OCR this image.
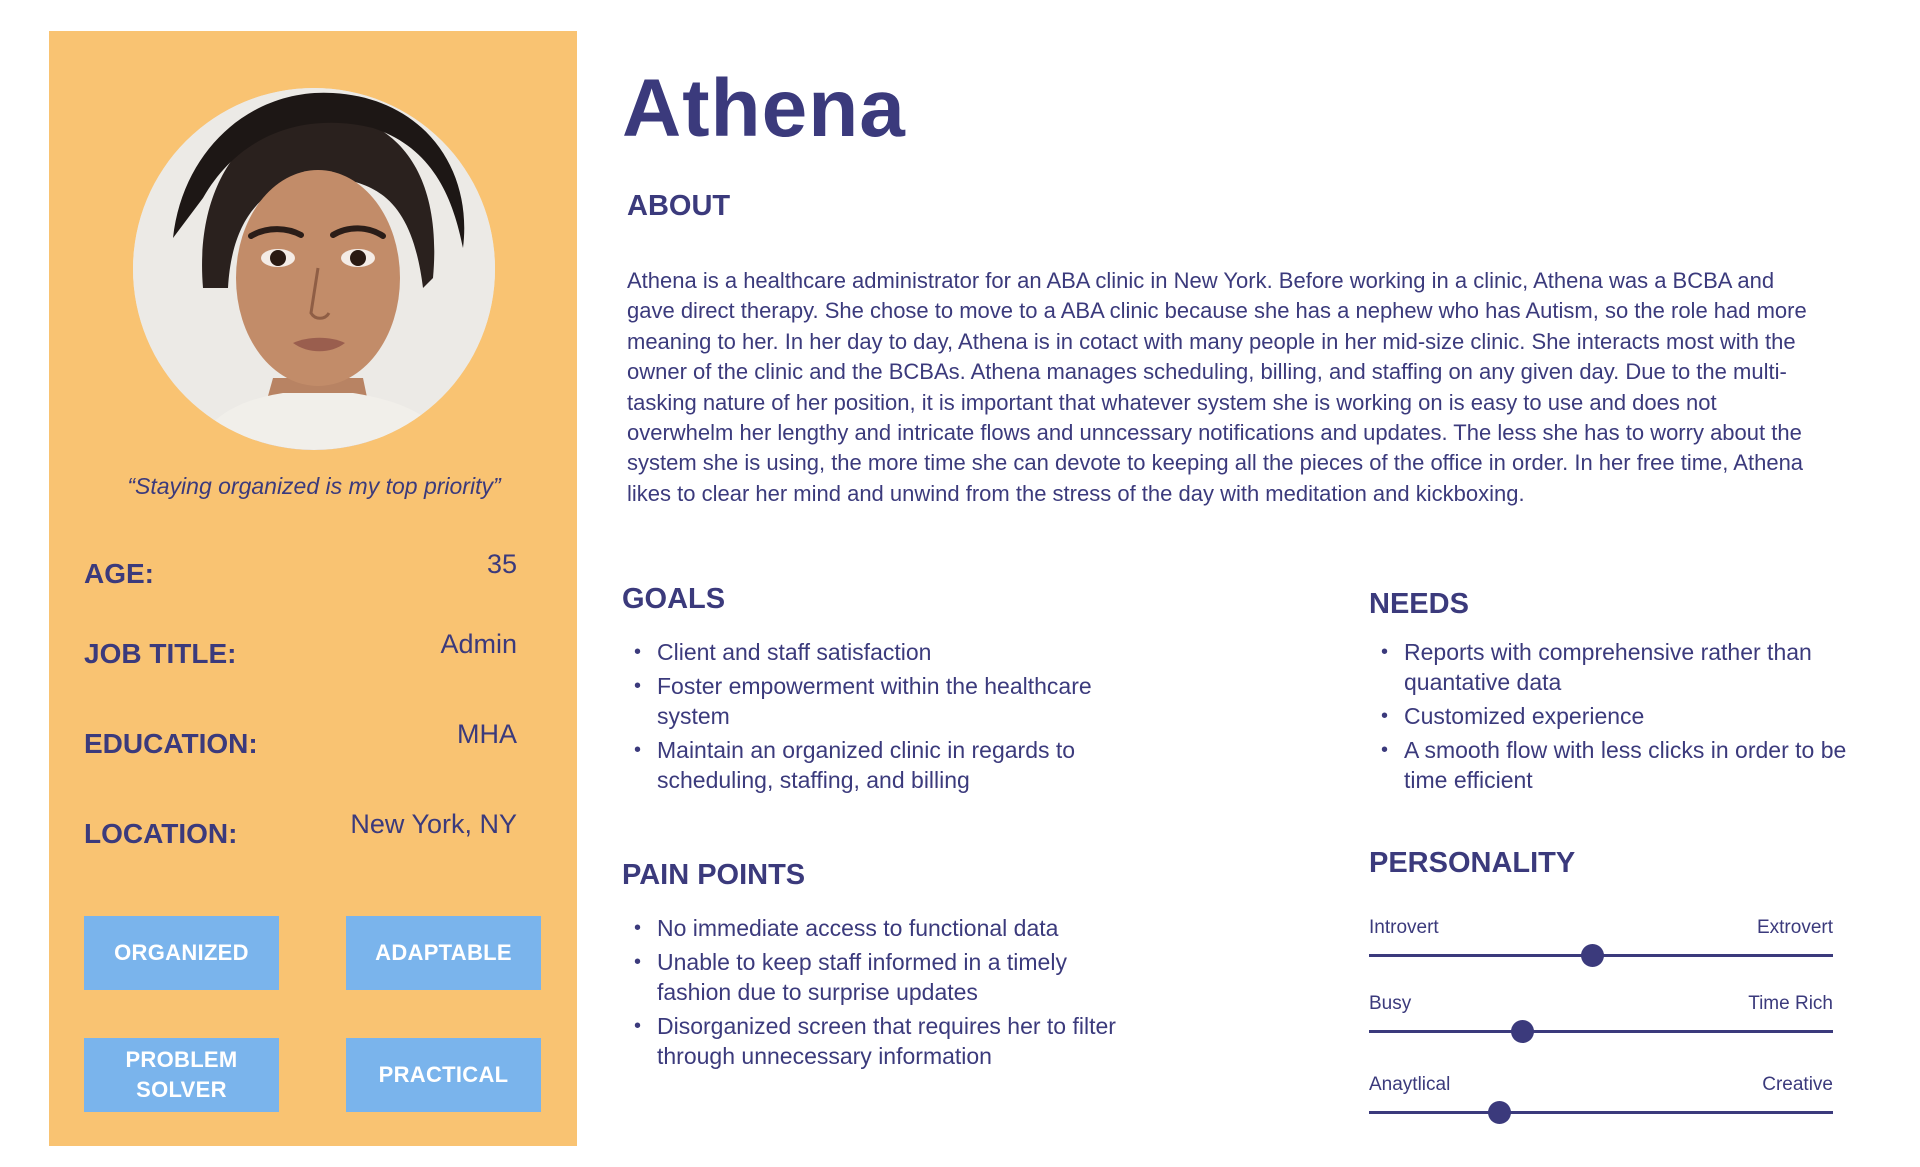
“Staying organized is my top priority”
AGE:	35
JOB TITLE:	Admin
EDUCATION:	MHA
LOCATION:	New York, NY
ORGANIZED	ADAPTABLE
PROBLEM SOLVER
PRACTICAL
Athena
ABOUT
Athena is a healthcare administrator for an ABA clinic in New York. Before working in a clinic, Athena was a BCBA and gave direct therapy. She chose to move to a ABA clinic because she has a nephew who has Autism, so the role had more meaning to her. In her day to day, Athena is in cotact with many people in her mid-size clinic. She interacts most with the owner of the clinic and the BCBAs. Athena manages scheduling, billing, and staffing on any given day. Due to the multi-tasking nature of her position, it is important that whatever system she is working on is easy to use and does not overwhelm her lengthy and intricate flows and unncessary notifications and updates. The less she has to worry about the system she is using, the more time she can devote to keeping all the pieces of the office in order. In her free time, Athena likes to clear her mind and unwind from the stress of the day with meditation and kickboxing.
GOALS
• Client and staff satisfaction
• Foster empowerment within the healthcare system
• Maintain an organized clinic in regards to scheduling, staffing, and billing
PAIN POINTS
• No immediate access to functional data
• Unable to keep staff informed in a timely fashion due to surprise updates
• Disorganized screen that requires her to filter through unnecessary information
NEEDS
• Reports with comprehensive rather than quantative data
• Customized experience
• A smooth flow with less clicks in order to be time efficient
PERSONALITY
Introvert	Extrovert
Busy	Time Rich
Anaytlical	Creative
